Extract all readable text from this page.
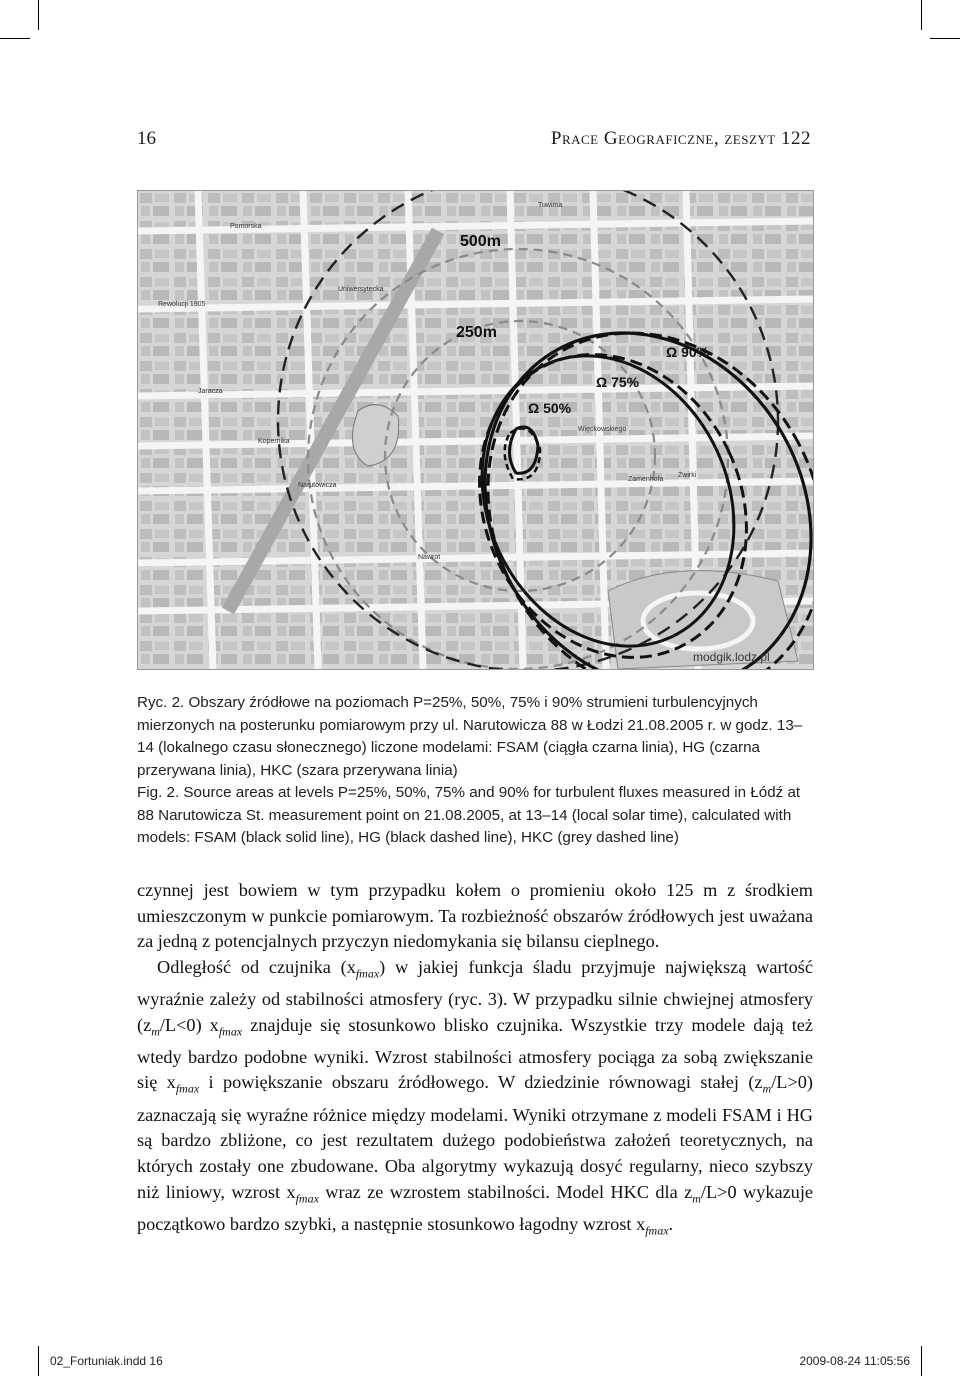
16	Prace Geograficzne, zeszyt 122
500m
250m
Ω 50%
Ω 75%
Ω 90%
modgik.lodz.pl
Pomorska
Rewolucji 1905
Jaracza
Więckowskiego
Narutowicza
Zamenhofa
Nawrot
Żwirki
Uniwersytecka
Kopernika
Tuwima

Ryc. 2. Obszary źródłowe na poziomach P=25%, 50%, 75% i 90% strumieni turbulencyjnych mierzonych na posterunku pomiarowym przy ul. Narutowicza 88 w Łodzi 21.08.2005 r. w godz. 13–14 (lokalnego czasu słonecznego) liczone modelami: FSAM (ciągła czarna linia), HG (czarna przerywana linia), HKC (szara przerywana linia)

Fig. 2. Source areas at levels P=25%, 50%, 75% and 90% for turbulent fluxes measured in Łódź at 88 Narutowicza St. measurement point on 21.08.2005, at 13–14 (local solar time), calculated with models: FSAM (black solid line), HG (black dashed line), HKC (grey dashed line)

czynnej jest bowiem w tym przypadku kołem o promieniu około 125 m z środkiem umieszczonym w punkcie pomiarowym. Ta rozbieżność obszarów źródłowych jest uważana za jedną z potencjalnych przyczyn niedomykania się bilansu cieplnego.

Odległość od czujnika $(x_{fmax})$ w jakiej funkcja śladu przyjmuje największą wartość wyraźnie zależy od stabilności atmosfery (ryc. 3). W przypadku silnie chwiejnej atmosfery $(z_m/L<0)$ $x_{fmax}$ znajduje się stosunkowo blisko czujnika. Wszystkie trzy modele dają też wtedy bardzo podobne wyniki. Wzrost stabilności atmosfery pociąga za sobą zwiększanie się $x_{fmax}$ i powiększanie obszaru źródłowego. W dziedzinie równowagi stałej $(z_m/L>0)$ zaznaczają się wyraźne różnice między modelami. Wyniki otrzymane z modeli FSAM i HG są bardzo zbliżone, co jest rezultatem dużego podobieństwa założeń teoretycznych, na których zostały one zbudowane. Oba algorytmy wykazują dosyć regularny, nieco szybszy niż liniowy, wzrost $x_{fmax}$ wraz ze wzrostem stabilności. Model HKC dla $z_m/L>0$ wykazuje początkowo bardzo szybki, a następnie stosunkowo łagodny wzrost $x_{fmax}$.

02_Fortuniak.indd 16	2009-08-24 11:05:56
